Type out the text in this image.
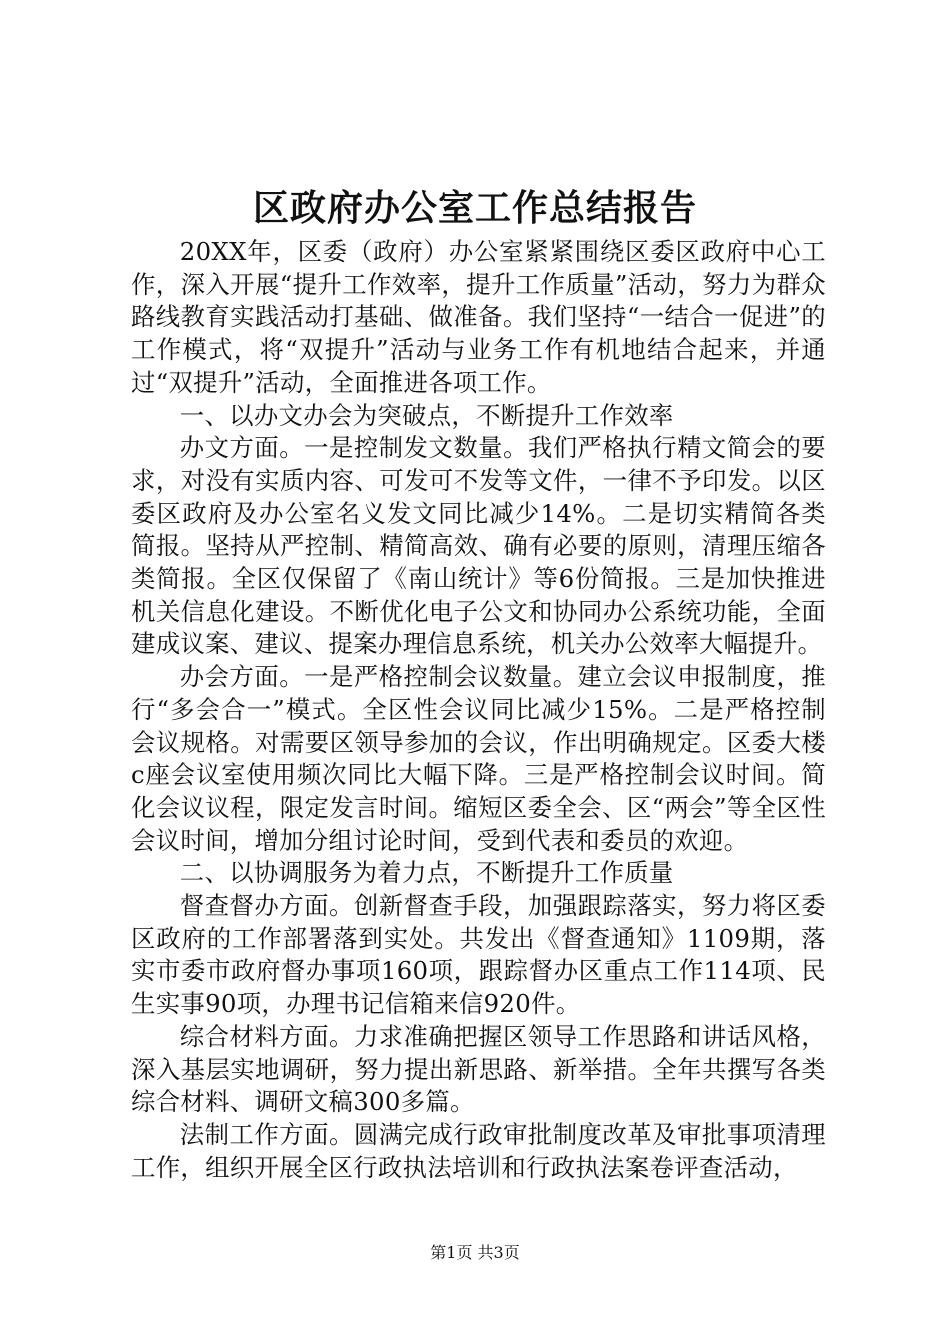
区政府办公室工作总结报告

20XX年，区委（政府）办公室紧紧围绕区委区政府中心工作，深入开展“提升工作效率，提升工作质量”活动，努力为群众路线教育实践活动打基础、做准备。我们坚持“一结合一促进”的工作模式，将“双提升”活动与业务工作有机地结合起来，并通过“双提升”活动，全面推进各项工作。

一、以办文办会为突破点，不断提升工作效率

办文方面。一是控制发文数量。我们严格执行精文简会的要求，对没有实质内容、可发可不发等文件，一律不予印发。以区委区政府及办公室名义发文同比减少14%。二是切实精简各类简报。坚持从严控制、精简高效、确有必要的原则，清理压缩各类简报。全区仅保留了《南山统计》等6份简报。三是加快推进机关信息化建设。不断优化电子公文和协同办公系统功能，全面建成议案、建议、提案办理信息系统，机关办公效率大幅提升。

办会方面。一是严格控制会议数量。建立会议申报制度，推行“多会合一”模式。全区性会议同比减少15%。二是严格控制会议规格。对需要区领导参加的会议，作出明确规定。区委大楼c座会议室使用频次同比大幅下降。三是严格控制会议时间。简化会议议程，限定发言时间。缩短区委全会、区“两会”等全区性会议时间，增加分组讨论时间，受到代表和委员的欢迎。

二、以协调服务为着力点，不断提升工作质量

督查督办方面。创新督查手段，加强跟踪落实，努力将区委区政府的工作部署落到实处。共发出《督查通知》1109期，落实市委市政府督办事项160项，跟踪督办区重点工作114项、民生实事90项，办理书记信箱来信920件。

综合材料方面。力求准确把握区领导工作思路和讲话风格，深入基层实地调研，努力提出新思路、新举措。全年共撰写各类综合材料、调研文稿300多篇。

法制工作方面。圆满完成行政审批制度改革及审批事项清理工作，组织开展全区行政执法培训和行政执法案卷评查活动，

第1页 共3页
